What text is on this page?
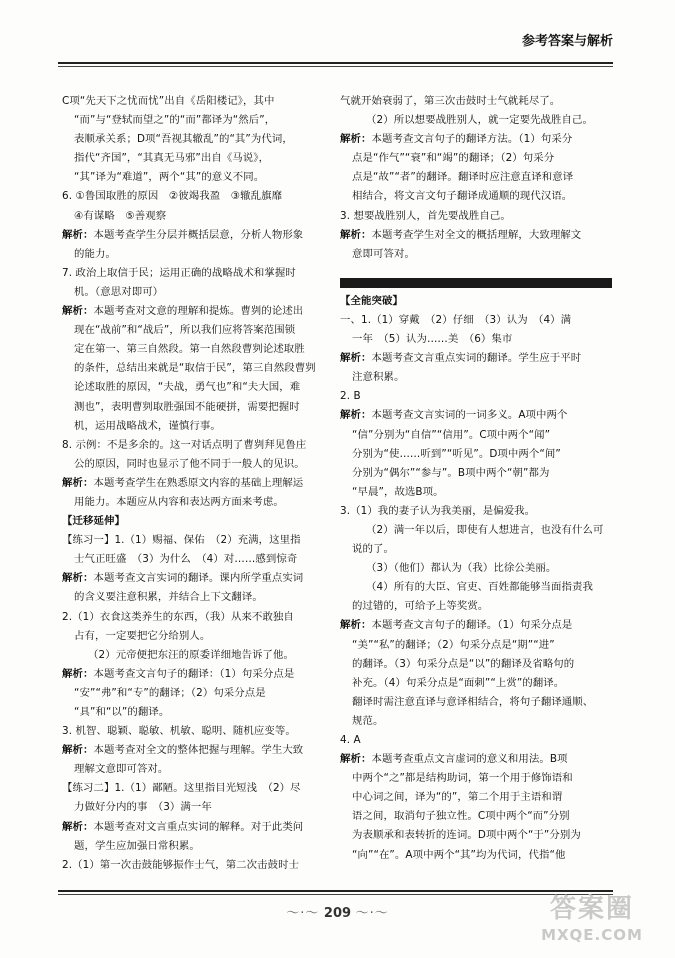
参考答案与解析

C项“先天下之忧而忧”出自《岳阳楼记》，其中

“而”与“登轼而望之”的“而”都译为“然后”，

表顺承关系；D项“吾视其辙乱”的“其”为代词，

指代“齐国”，“其真无马邪”出自《马说》，

“其”译为“难道”，两个“其”的意义不同。

6. ①鲁国取胜的原因　②彼竭我盈　③辙乱旗靡

④有谋略　⑤善观察

解析：本题考查学生分层并概括层意，分析人物形象

的能力。

7. 政治上取信于民；运用正确的战略战术和掌握时

机。（意思对即可）

解析：本题考查对文意的理解和提炼。曹刿的论述出

现在“战前”和“战后”，所以我们应将答案范围锁

定在第一、第三自然段。第一自然段曹刿论述取胜

的条件，总结出来就是“取信于民”，第三自然段曹刿

论述取胜的原因，“夫战，勇气也”和“夫大国，难

测也”，表明曹刿取胜强国不能硬拼，需要把握时

机，运用战略战术，谨慎行事。

8. 示例：不是多余的。这一对话点明了曹刿拜见鲁庄

公的原因，同时也显示了他不同于一般人的见识。

解析：本题考查学生在熟悉原文内容的基础上理解运

用能力。本题应从内容和表达两方面来考虑。

【迁移延伸】

【练习一】1.（1）赐福、保佑　（2）充满，这里指

士气正旺盛　（3）为什么　（4）对……感到惊奇

解析：本题考查文言实词的翻译。课内所学重点实词

的含义要注意积累，并结合上下文翻译。

2.（1）衣食这类养生的东西，（我）从来不敢独自

占有，一定要把它分给别人。

（2）元帝便把东汪的原委详细地告诉了他。

解析：本题考查文言句子的翻译：（1）句采分点是

“安”“弗”和“专”的翻译；（2）句采分点是

“具”和“以”的翻译。

3. 机智、聪颖、聪敏、机敏、聪明、随机应变等。

解析：本题考查对全文的整体把握与理解。学生大致

理解文意即可答对。

【练习二】1.（1）鄙陋。这里指目光短浅　（2）尽

力做好分内的事　（3）满一年

解析：本题考查对文言重点实词的解释。对于此类问

题，学生应加强日常积累。

2.（1）第一次击鼓能够振作士气，第二次击鼓时士

气就开始衰弱了，第三次击鼓时士气就耗尽了。

（2）所以想要战胜别人，就一定要先战胜自己。

解析：本题考查文言句子的翻译方法。（1）句采分

点是“作气”“衰”和“竭”的翻译；（2）句采分

点是“故”“者”的翻译。翻译时应注意直译和意译

相结合，将文言文句子翻译成通顺的现代汉语。

3. 想要战胜别人，首先要战胜自己。

解析：本题考查学生对全文的概括理解，大致理解文

意即可答对。

【全能突破】

一、1.（1）穿戴　（2）仔细　（3）认为　（4）满

一年　（5）认为……美　（6）集市

解析：本题考查文言重点实词的翻译。学生应于平时

注意积累。

2. B

解析：本题考查文言实词的一词多义。A项中两个

“信”分别为“自信”“信用”。C项中两个“闻”

分别为“使……听到”“听见”。D项中两个“间”

分别为“偶尔”“参与”。B项中两个“朝”都为

“早晨”，故选B项。

3.（1）我的妻子认为我美丽，是偏爱我。

（2）满一年以后，即使有人想进言，也没有什么可

说的了。

（3）（他们）都认为（我）比徐公美丽。

（4）所有的大臣、官吏、百姓都能够当面指责我

的过错的，可给予上等奖赏。

解析：本题考查文言句子的翻译。（1）句采分点是

“美”“私”的翻译；（2）句采分点是“期”“进”

的翻译。（3）句采分点是“以”的翻译及省略句的

补充。（4）句采分点是“面刺”“上赏”的翻译。

翻译时需注意直译与意译相结合，将句子翻译通顺、

规范。

4. A

解析：本题考查重点文言虚词的意义和用法。B项

中两个“之”都是结构助词，第一个用于修饰语和

中心词之间，译为“的”，第二个用于主语和谓

语之间，取消句子独立性。C项中两个“而”分别

为表顺承和表转折的连词。D项中两个“于”分别为

“向”“在”。A项中两个“其”均为代词，代指“他

～·～ 209 ～·～	答案圈
MXQE.COM
